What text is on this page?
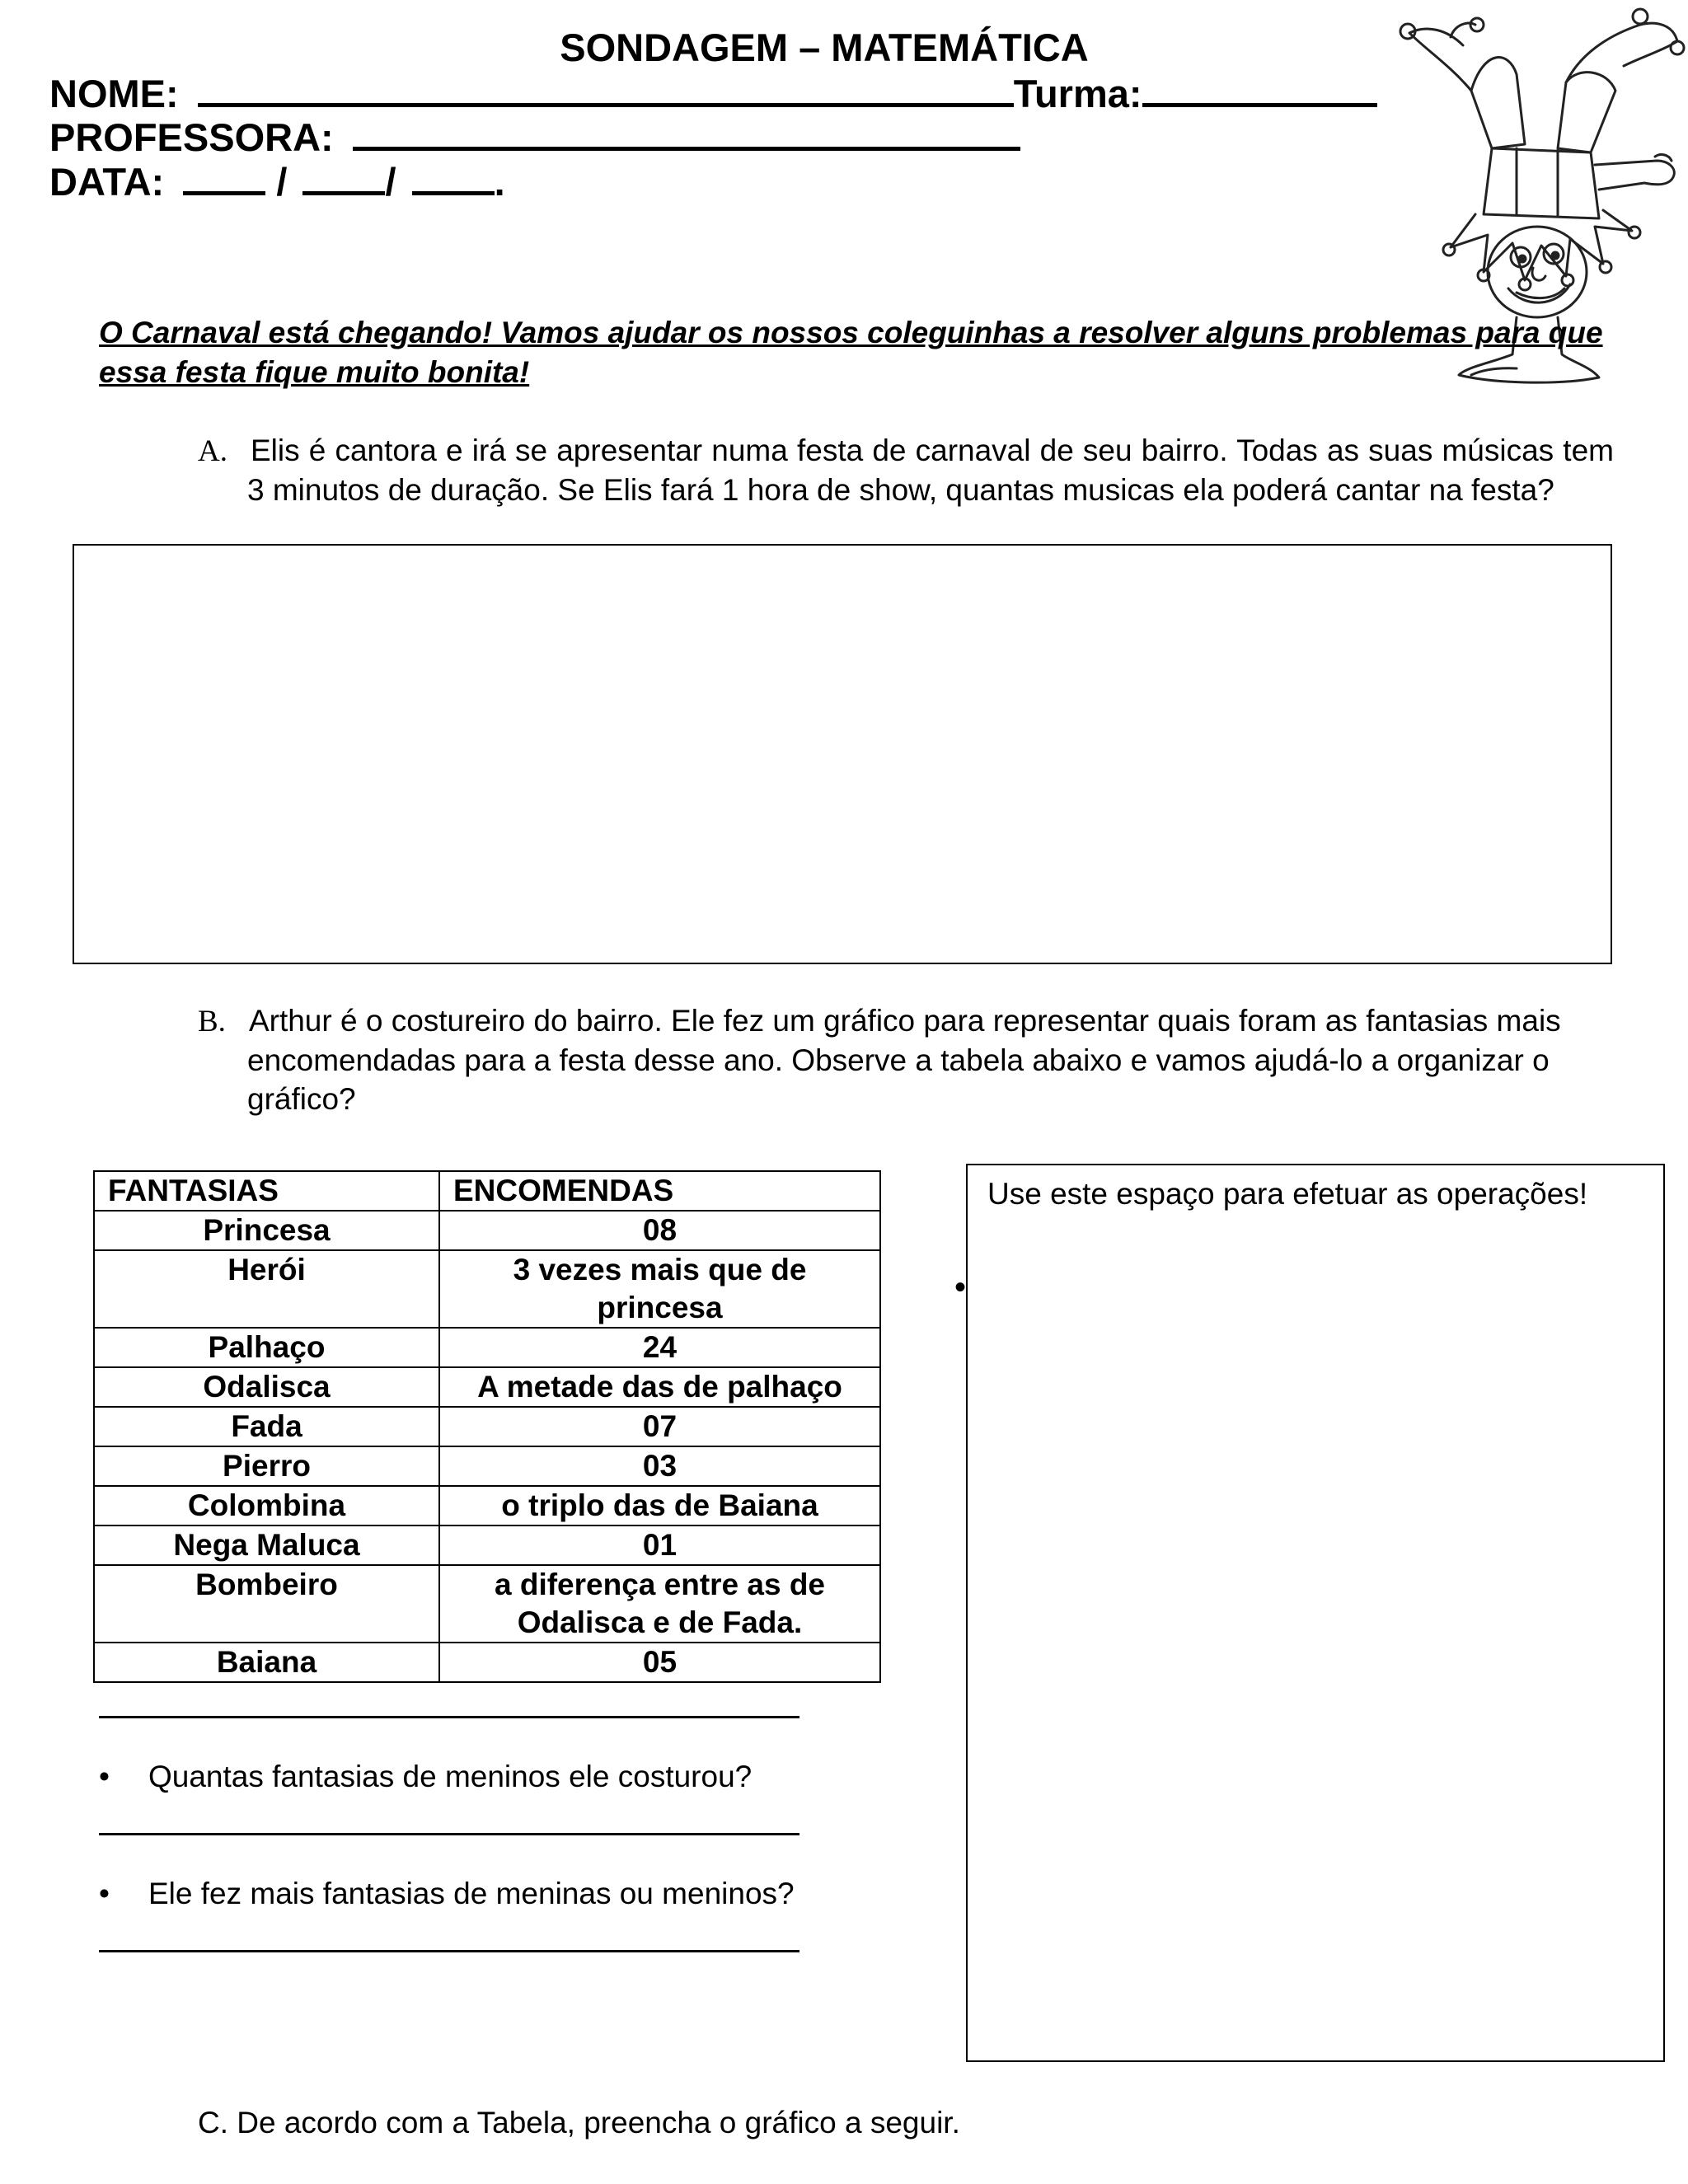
SONDAGEM – MATEMÁTICA
NOME:	Turma:
PROFESSORA:
DATA:	/	/	.
O Carnaval está chegando! Vamos ajudar os nossos coleguinhas a resolver alguns problemas para que essa festa fique muito bonita!
A. Elis é cantora e irá se apresentar numa festa de carnaval de seu bairro. Todas as suas músicas tem 3 minutos de duração. Se Elis fará 1 hora de show, quantas musicas ela poderá cantar na festa?
B. Arthur é o costureiro do bairro. Ele fez um gráfico para representar quais foram as fantasias mais encomendadas para a festa desse ano. Observe a tabela abaixo e vamos ajudá-lo a organizar o gráfico?
FANTASIAS	ENCOMENDAS
Princesa	08
Herói	3 vezes mais que de princesa
Palhaço	24
Odalisca	A metade das de palhaço
Fada	07
Pierro	03
Colombina	o triplo das de Baiana
Nega Maluca	01
Bombeiro	a diferença entre as de Odalisca e de Fada.
Baiana	05
Use este espaço para efetuar as operações!
•
• Quantas fantasias de meninos ele costurou?
• Ele fez mais fantasias de meninas ou meninos?
C. De acordo com a Tabela, preencha o gráfico a seguir.
